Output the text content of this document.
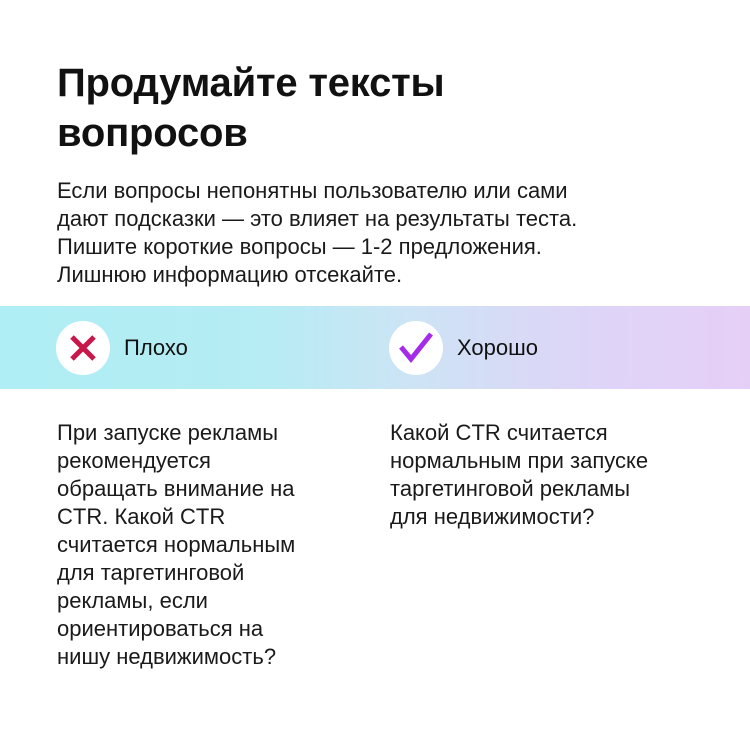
Продумайте тексты
вопросов

Если вопросы непонятны пользователю или сами
дают подсказки — это влияет на результаты теста.
Пишите короткие вопросы — 1-2 предложения.
Лишнюю информацию отсекайте.

Плохо	Хорошо

При запуске рекламы
рекомендуется
обращать внимание на
CTR. Какой CTR
считается нормальным
для таргетинговой
рекламы, если
ориентироваться на
нишу недвижимость?

Какой CTR считается
нормальным при запуске
таргетинговой рекламы
для недвижимости?
